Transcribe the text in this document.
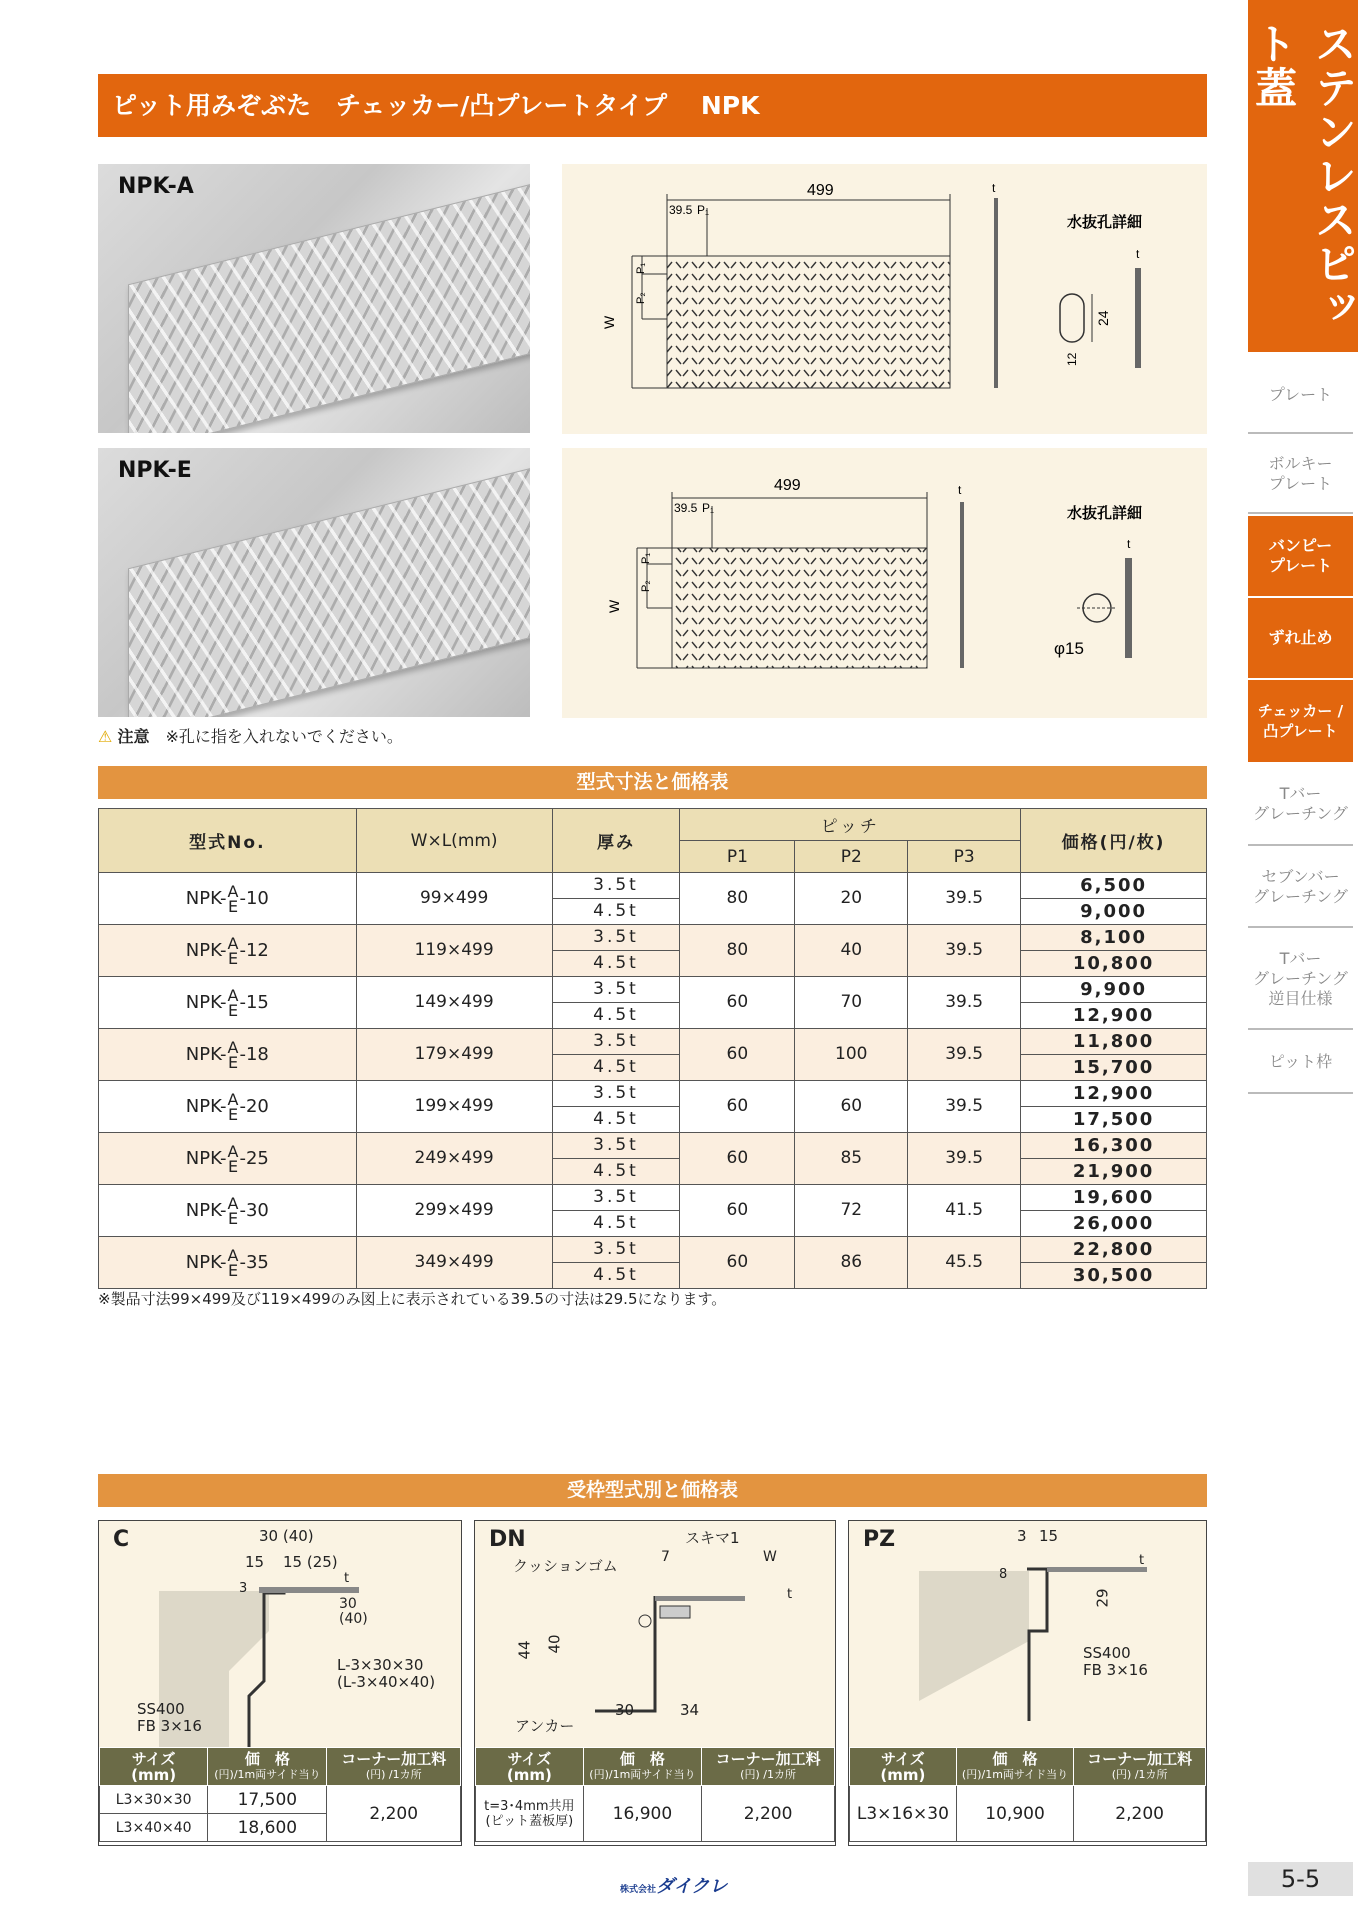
ピット用みぞぶた　チェッカー/凸プレートタイプ　 NPK	ステンレスピット蓋
プレート
ボルキー
プレート
バンピー
プレート
ずれ止め
チェッカー /
凸プレート
Tバー
グレーチング
セブンバー
グレーチング
Tバー
グレーチング
逆目仕様
ピット枠
5-5
NPK-A
NPK-E
499
39.5 P₁
W
P₁
P₂
t
水抜孔詳細
t
24
12
499
39.5 P₁
W
P₁
P₂
t
水抜孔詳細
t
φ15
⚠ 注意　 ※孔に指を入れないでください。
型式寸法と価格表
型式No.	W×L(mm)	厚み	ピッチ			価格(円/枚)
			P1	P2	P3	
NPK- A
E -10	99×499	3.5t	80	20	39.5	6,500
		4.5t				9,000
NPK- A
E -12	119×499	3.5t	80	40	39.5	8,100
		4.5t				10,800
NPK- A
E -15	149×499	3.5t	60	70	39.5	9,900
		4.5t				12,900
NPK- A
E -18	179×499	3.5t	60	100	39.5	11,800
		4.5t				15,700
NPK- A
E -20	199×499	3.5t	60	60	39.5	12,900
		4.5t				17,500
NPK- A
E -25	249×499	3.5t	60	85	39.5	16,300
		4.5t				21,900
NPK- A
E -30	299×499	3.5t	60	72	41.5	19,600
		4.5t				26,000
NPK- A
E -35	349×499	3.5t	60	86	45.5	22,800
		4.5t				30,500
※製品寸法99×499及び119×499のみ図上に表示されている39.5の寸法は29.5になります。
受枠型式別と価格表
C	30 (40)
15 15 (25)
3
t
30
(40)
L-3×30×30
(L-3×40×40)
SS400
FB 3×16
サイズ
(mm)	価　格
(円)/1m両サイド当り	コーナー加工料
(円) /1カ所

L3×30×30	17,500	2,200
L3×40×40	18,600	
DN	スキマ1
クッションゴム	7	W
t
44 40
アンカー
30	34
サイズ
(mm)	価　格
(円)/1m両サイド当り	コーナー加工料
(円) /1カ所

t=3･4mm共用
(ピット蓋板厚)	16,900	2,200
PZ	3 15
t
8
29
SS400
FB 3×16
サイズ
(mm)	価　格
(円)/1m両サイド当り	コーナー加工料
(円) /1カ所

L3×16×30	10,900	2,200
株式会社ダイクレ
